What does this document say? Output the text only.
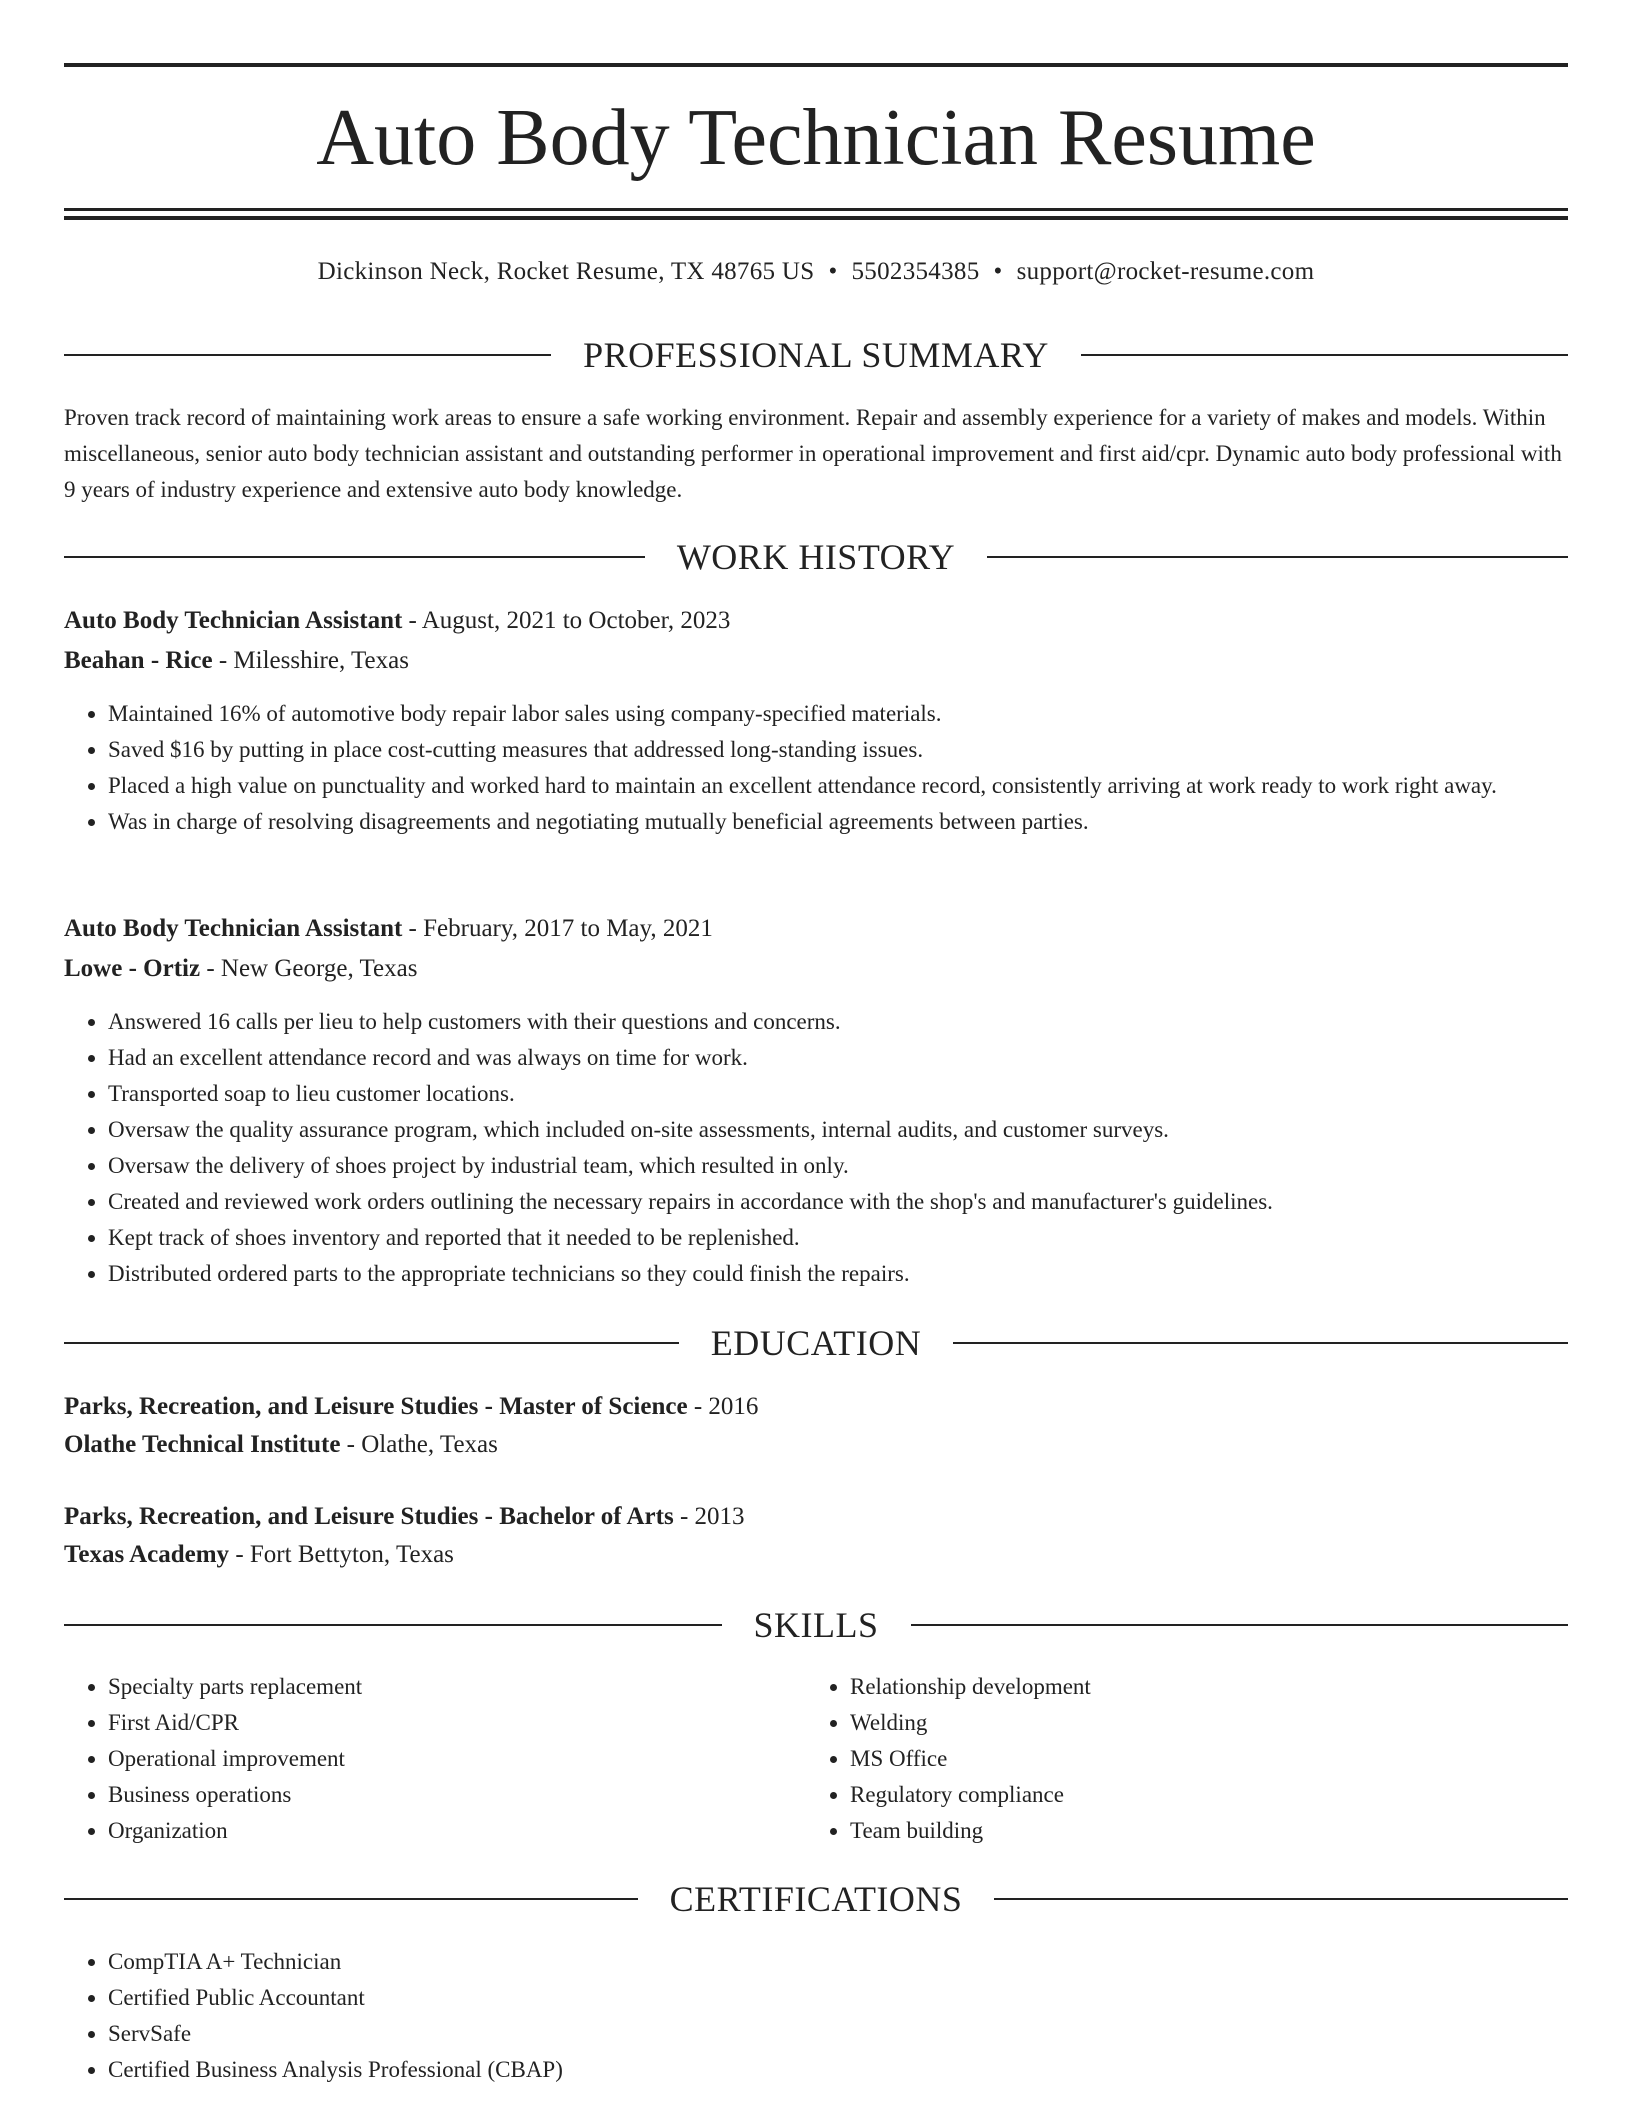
Auto Body Technician Resume
Dickinson Neck, Rocket Resume, TX 48765 US • 5502354385 • support@rocket-resume.com
PROFESSIONAL SUMMARY

Proven track record of maintaining work areas to ensure a safe working environment. Repair and assembly experience for a variety of makes and models. Within miscellaneous, senior auto body technician assistant and outstanding performer in operational improvement and first aid/cpr. Dynamic auto body professional with 9 years of industry experience and extensive auto body knowledge.

WORK HISTORY
Auto Body Technician Assistant - August, 2021 to October, 2023
Beahan - Rice - Milesshire, Texas
• Maintained 16% of automotive body repair labor sales using company-specified materials.
• Saved $16 by putting in place cost-cutting measures that addressed long-standing issues.
• Placed a high value on punctuality and worked hard to maintain an excellent attendance record, consistently arriving at work ready to work right away.
• Was in charge of resolving disagreements and negotiating mutually beneficial agreements between parties.
Auto Body Technician Assistant - February, 2017 to May, 2021
Lowe - Ortiz - New George, Texas
• Answered 16 calls per lieu to help customers with their questions and concerns.
• Had an excellent attendance record and was always on time for work.
• Transported soap to lieu customer locations.
• Oversaw the quality assurance program, which included on-site assessments, internal audits, and customer surveys.
• Oversaw the delivery of shoes project by industrial team, which resulted in only.
• Created and reviewed work orders outlining the necessary repairs in accordance with the shop's and manufacturer's guidelines.
• Kept track of shoes inventory and reported that it needed to be replenished.
• Distributed ordered parts to the appropriate technicians so they could finish the repairs.
EDUCATION
Parks, Recreation, and Leisure Studies - Master of Science - 2016
Olathe Technical Institute - Olathe, Texas
Parks, Recreation, and Leisure Studies - Bachelor of Arts - 2013
Texas Academy - Fort Bettyton, Texas
SKILLS
• Specialty parts replacement
• First Aid/CPR
• Operational improvement
• Business operations
• Organization
• Relationship development
• Welding
• MS Office
• Regulatory compliance
• Team building
CERTIFICATIONS
• CompTIA A+ Technician
• Certified Public Accountant
• ServSafe
• Certified Business Analysis Professional (CBAP)
